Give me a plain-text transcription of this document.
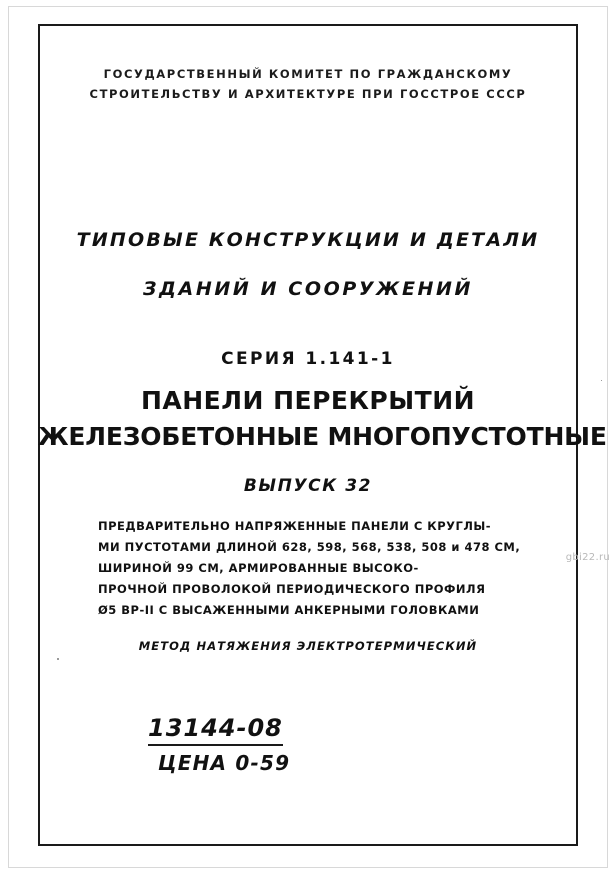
ГОСУДАРСТВЕННЫЙ КОМИТЕТ ПО ГРАЖДАНСКОМУ
СТРОИТЕЛЬСТВУ И АРХИТЕКТУРЕ ПРИ ГОССТРОЕ СССР
ТИПОВЫЕ КОНСТРУКЦИИ И ДЕТАЛИ
ЗДАНИЙ И СООРУЖЕНИЙ
СЕРИЯ 1.141-1
ПАНЕЛИ ПЕРЕКРЫТИЙ
ЖЕЛЕЗОБЕТОННЫЕ МНОГОПУСТОТНЫЕ
ВЫПУСК 32
ПРЕДВАРИТЕЛЬНО НАПРЯЖЕННЫЕ ПАНЕЛИ С КРУГЛЫ-
МИ ПУСТОТАМИ ДЛИНОЙ 628, 598, 568, 538, 508 и 478 СМ,
ШИРИНОЙ 99 СМ, АРМИРОВАННЫЕ ВЫСОКО-
ПРОЧНОЙ ПРОВОЛОКОЙ ПЕРИОДИЧЕСКОГО ПРОФИЛЯ
Ø5 ВР-II С ВЫСАЖЕННЫМИ АНКЕРНЫМИ ГОЛОВКАМИ
МЕТОД НАТЯЖЕНИЯ ЭЛЕКТРОТЕРМИЧЕСКИЙ
13144-08
ЦЕНА 0-59
gbi22.ru
